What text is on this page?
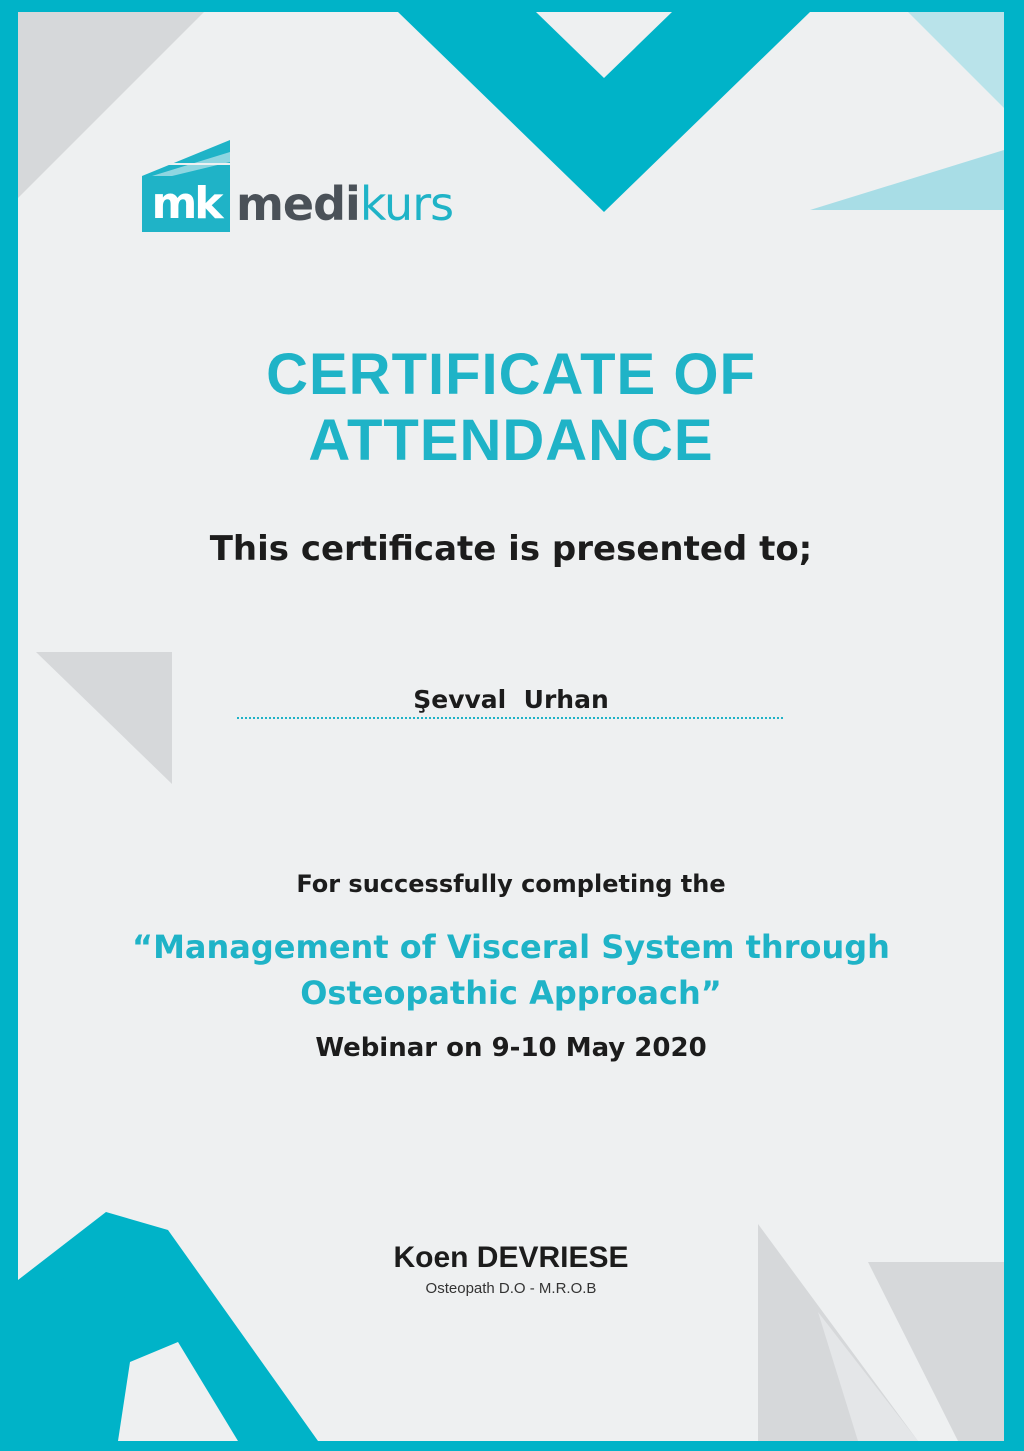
mk medikurs
CERTIFICATE OF ATTENDANCE
This certificate is presented to;
Şevval  Urhan
For successfully completing the
“Management of Visceral System through Osteopathic Approach”
Webinar on 9-10 May 2020
Koen DEVRIESE
Osteopath D.O - M.R.O.B
